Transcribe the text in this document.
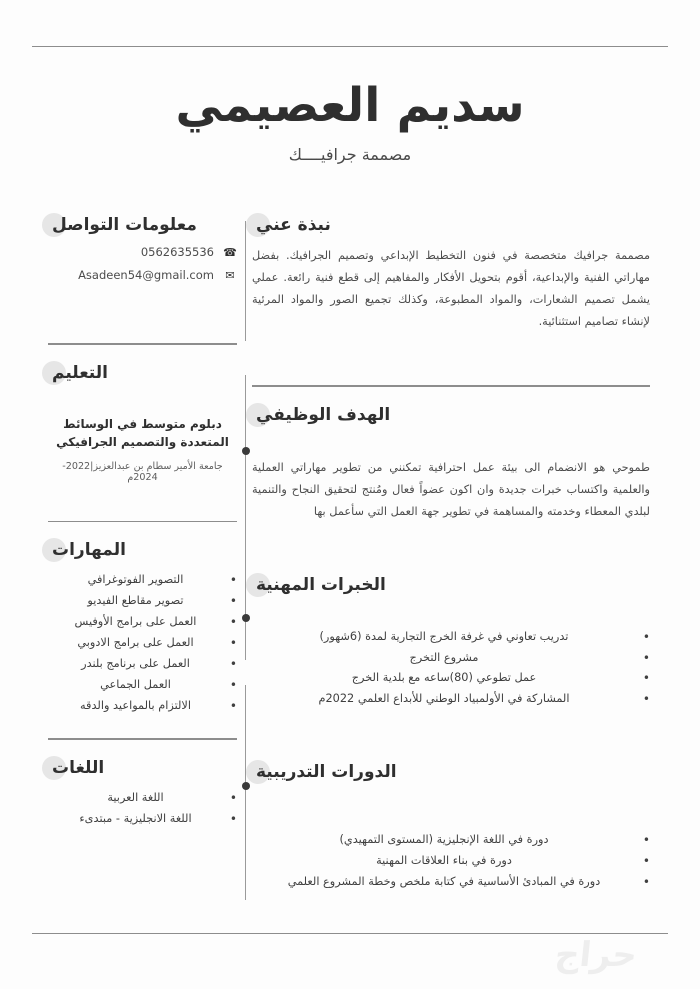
سديم العصيمي
مصممة جرافيــــك
معلومات التواصل
0562635536 ☎
Asadeen54@gmail.com ✉
التعليم
دبلوم متوسط في الوسائط المتعددة والتصميم الجرافيكي
جامعة الأمير سطام بن عبدالعزيز|2022-2024م
المهارات
• التصوير الفوتوغرافي
• تصوير مقاطع الفيديو
• العمل على برامج الأوفيس
• العمل على برامج الادوبي
• العمل على برنامج بلندر
• العمل الجماعي
• الالتزام بالمواعيد والدقه
اللغات
• اللغة العربية
• اللغة الانجليزية - مبتدىء
نبذة عني

مصممة جرافيك متخصصة في فنون التخطيط الإبداعي وتصميم الجرافيك. بفضل مهاراتي الفنية والإبداعية، أقوم بتحويل الأفكار والمفاهيم إلى قطع فنية رائعة. عملي يشمل تصميم الشعارات، والمواد المطبوعة، وكذلك تجميع الصور والمواد المرئية لإنشاء تصاميم استثنائية.

الهدف الوظيفي

طموحي هو الانضمام الى بيئة عمل احترافية تمكنني من تطوير مهاراتي العملية والعلمية واكتساب خبرات جديدة وان اكون عضواً فعال ومُنتج لتحقيق النجاح والتنمية لبلدي المعطاء وخدمته والمساهمة في تطوير جهة العمل التي سأعمل بها

الخبرات المهنية
• تدريب تعاوني في غرفة الخرج التجارية لمدة (6شهور)
• مشروع التخرج
• عمل تطوعي (80)ساعه مع بلدية الخرج
• المشاركة في الأولمبياد الوطني للأبداع العلمي 2022م
الدورات التدريبية
• دورة في اللغة الإنجليزية (المستوى التمهيدي)
• دورة في بناء العلاقات المهنية
• دورة في المبادئ الأساسية في كتابة ملخص وخطة المشروع العلمي
حراج
